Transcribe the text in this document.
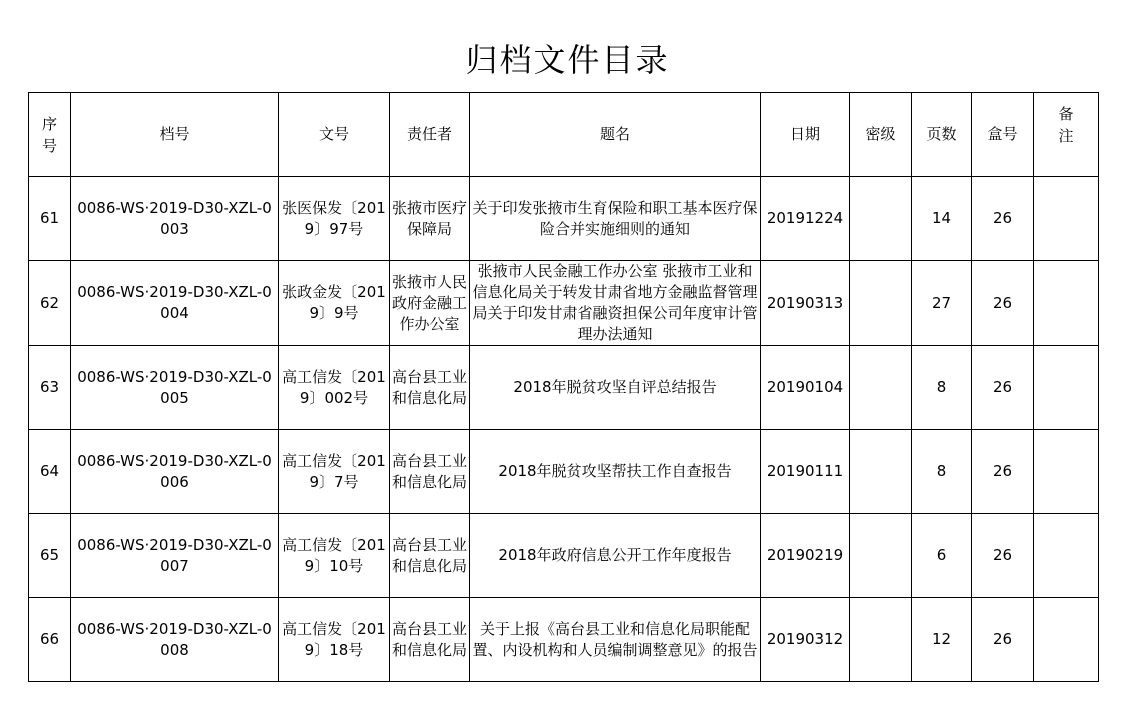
归档文件目录
序号	档号	文号	责任者	题名	日期	密级	页数	盒号	备注

61	0086-WS·2019-D30-XZL-0003	张医保发〔2019〕97号	张掖市医疗保障局	关于印发张掖市生育保险和职工基本医疗保险合并实施细则的通知	20191224		14	26	
62	0086-WS·2019-D30-XZL-0004	张政金发〔2019〕9号	张掖市人民政府金融工作办公室	张掖市人民金融工作办公室 张掖市工业和信息化局关于转发甘肃省地方金融监督管理局关于印发甘肃省融资担保公司年度审计管理办法通知	20190313		27	26	
63	0086-WS·2019-D30-XZL-0005	高工信发〔2019〕002号	高台县工业和信息化局	2018年脱贫攻坚自评总结报告	20190104		8	26	
64	0086-WS·2019-D30-XZL-0006	高工信发〔2019〕7号	高台县工业和信息化局	2018年脱贫攻坚帮扶工作自查报告	20190111		8	26	
65	0086-WS·2019-D30-XZL-0007	高工信发〔2019〕10号	高台县工业和信息化局	2018年政府信息公开工作年度报告	20190219		6	26	
66	0086-WS·2019-D30-XZL-0008	高工信发〔2019〕18号	高台县工业和信息化局	关于上报《高台县工业和信息化局职能配置、内设机构和人员编制调整意见》的报告	20190312		12	26	
